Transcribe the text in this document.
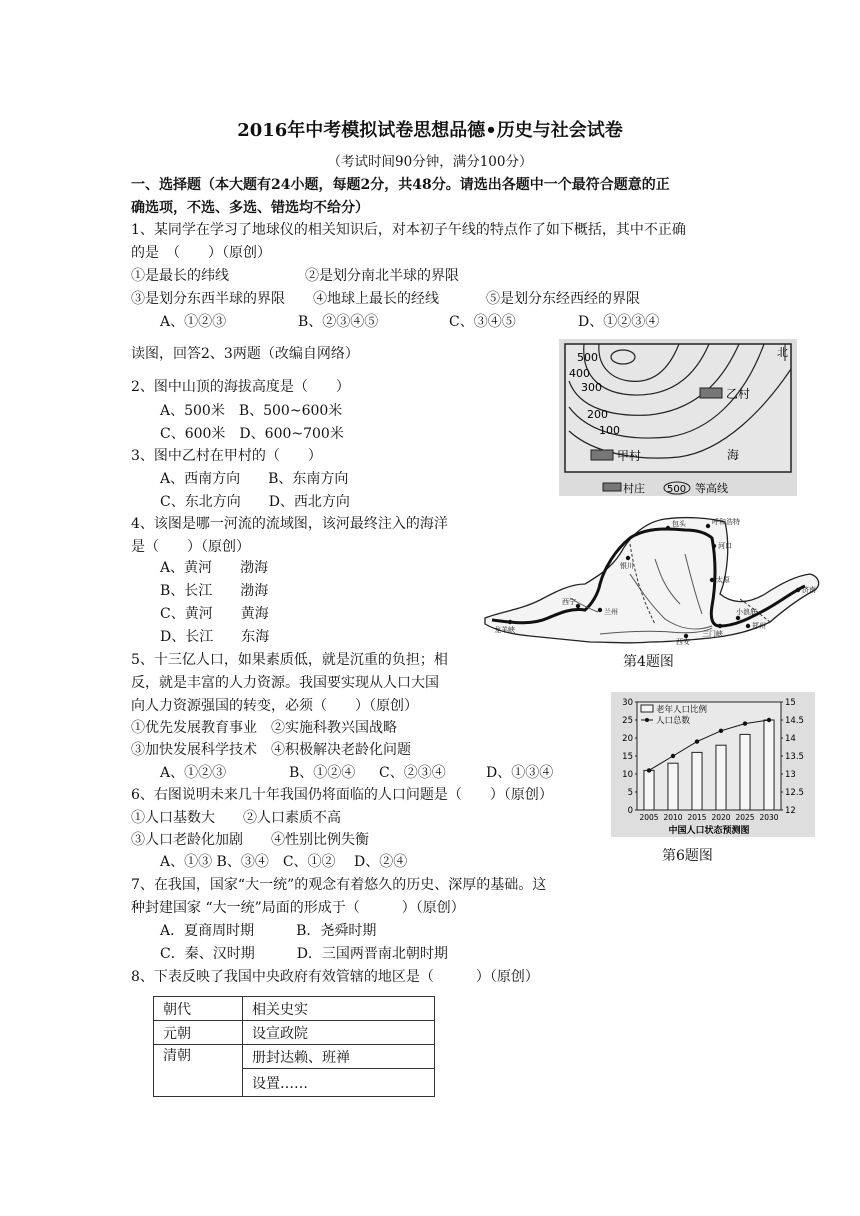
2016年中考模拟试卷思想品德•历史与社会试卷
（考试时间90分钟，满分100分）
一、选择题（本大题有24小题，每题2分，共48分。请选出各题中一个最符合题意的正
确选项，不选、多选、错选均不给分）
1、某同学在学习了地球仪的相关知识后，对本初子午线的特点作了如下概括，其中不正确
的是　（　　）（原创）
①是最长的纬线	②是划分南北半球的界限
③是划分东西半球的界限 ④地球上最长的经线	⑤是划分东经西经的界限
A、①②③	B、②③④⑤	C、③④⑤	D、①②③④
读图，回答2、3两题（改编自网络）
2、图中山顶的海拔高度是（　　）
A、500米　B、500~600米
C、600米　D、600~700米
3、图中乙村在甲村的（　　）
A、西南方向　　B、东南方向
C、东北方向　　D、西北方向
北
500
400
300
200
100
乙村
甲村	海
村庄 500 等高线
4、该图是哪一河流的流域图，该河最终注入的海洋
是（　　）（原创）
A、黄河　　渤海
B、长江　　渤海
C、黄河　　黄海
D、长江　　东海
包头	呼和浩特
河口
银川
太原
西宁
兰州
三门峡
小浪底
郑州
济南
西安
龙羊峡
第4题图
5、十三亿人口，如果素质低，就是沉重的负担；相
反，就是丰富的人力资源。我国要实现从人口大国
向人力资源强国的转变，必须（　　）（原创）
①优先发展教育事业　②实施科教兴国战略
③加快发展科学技术　④积极解决老龄化问题
A、①②③	B、①②④ C、②③④	D、①③④
0
5
10
15
20
25
30
12
12.5
13
13.5
14
14.5
15
2005 2010 2015 2020 2025 2030
老年人口比例
人口总数
中国人口状态预测图
第6题图
6、右图说明未来几十年我国仍将面临的人口问题是（　　）（原创）
①人口基数大　　②人口素质不高
③人口老龄化加剧　　④性别比例失衡
A、①③ B、③④　C、①②　 D、②④
7、在我国，国家“大一统”的观念有着悠久的历史、深厚的基础。这
种封建国家 “大一统”局面的形成于（　　　）（原创）
A．夏商周时期　　　B．尧舜时期
C．秦、汉时期　　　D．三国两晋南北朝时期
8、下表反映了我国中央政府有效管辖的地区是（　　　）（原创）
朝代	相关史实
元朝	设宣政院
清朝	册封达赖、班禅
	设置……
